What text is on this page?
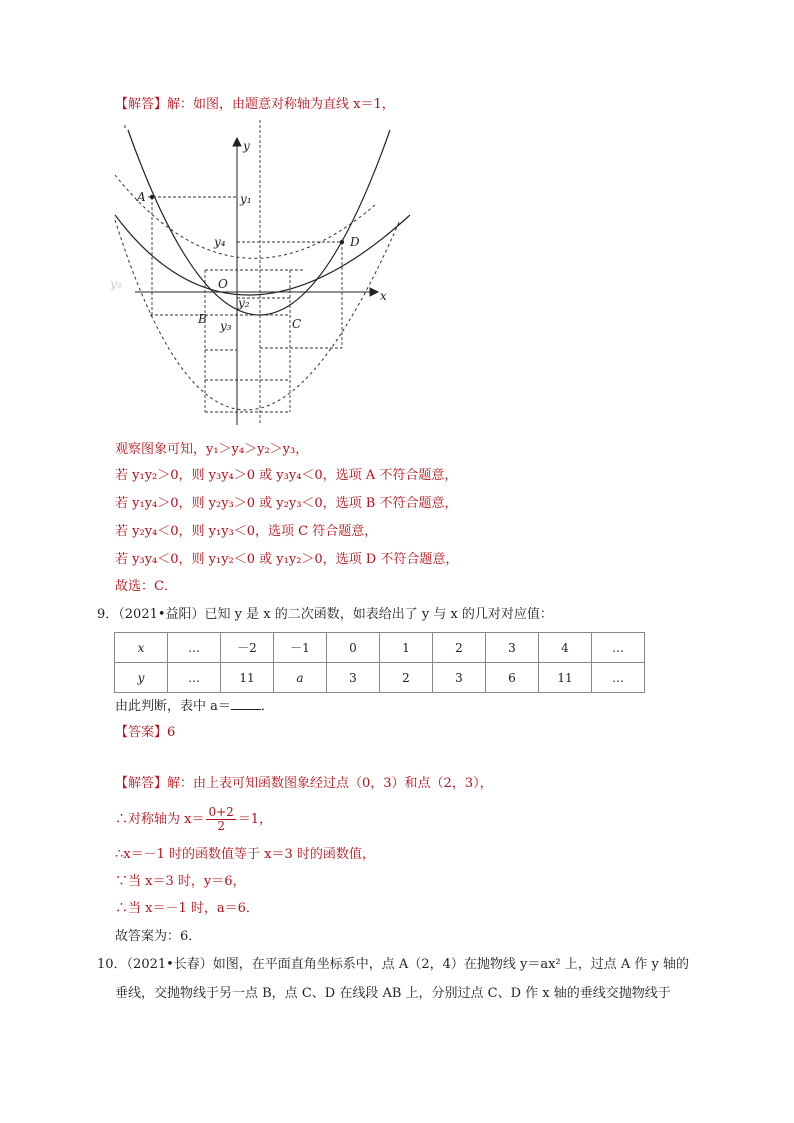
【解答】解：如图，由题意对称轴为直线 x＝1，
A
B	C
D
O
x
y
y₁
y₂
y₃
y₄
y₃
观察图象可知，y₁＞y₄＞y₂＞y₃，
若 y₁y₂＞0，则 y₃y₄＞0 或 y₃y₄＜0，选项 A 不符合题意，
若 y₁y₄＞0，则 y₂y₃＞0 或 y₂y₃＜0，选项 B 不符合题意，
若 y₂y₄＜0，则 y₁y₃＜0，选项 C 符合题意，
若 y₃y₄＜0，则 y₁y₂＜0 或 y₁y₂＞0，选项 D 不符合题意，
故选：C．
9．（2021•益阳）已知 y 是 x 的二次函数，如表给出了 y 与 x 的几对对应值：
x	…	－2	－1	0	1	2	3	4	…
y	…	11	a	3	2	3	6	11	…
由此判断，表中 a＝ ．
【答案】6
【解答】解：由上表可知函数图象经过点（0，3）和点（2，3），
∴对称轴为 $x= \frac{0+2}{2} =1$，
∴x＝－1 时的函数值等于 x＝3 时的函数值，
∵当 x＝3 时，y＝6，
∴当 x＝－1 时，a＝6．
故答案为：6．
10．（2021•长春）如图，在平面直角坐标系中，点 A（2，4）在抛物线 y＝ax² 上，过点 A 作 y 轴的
垂线，交抛物线于另一点 B，点 C、D 在线段 AB 上，分别过点 C、D 作 x 轴的垂线交抛物线于
